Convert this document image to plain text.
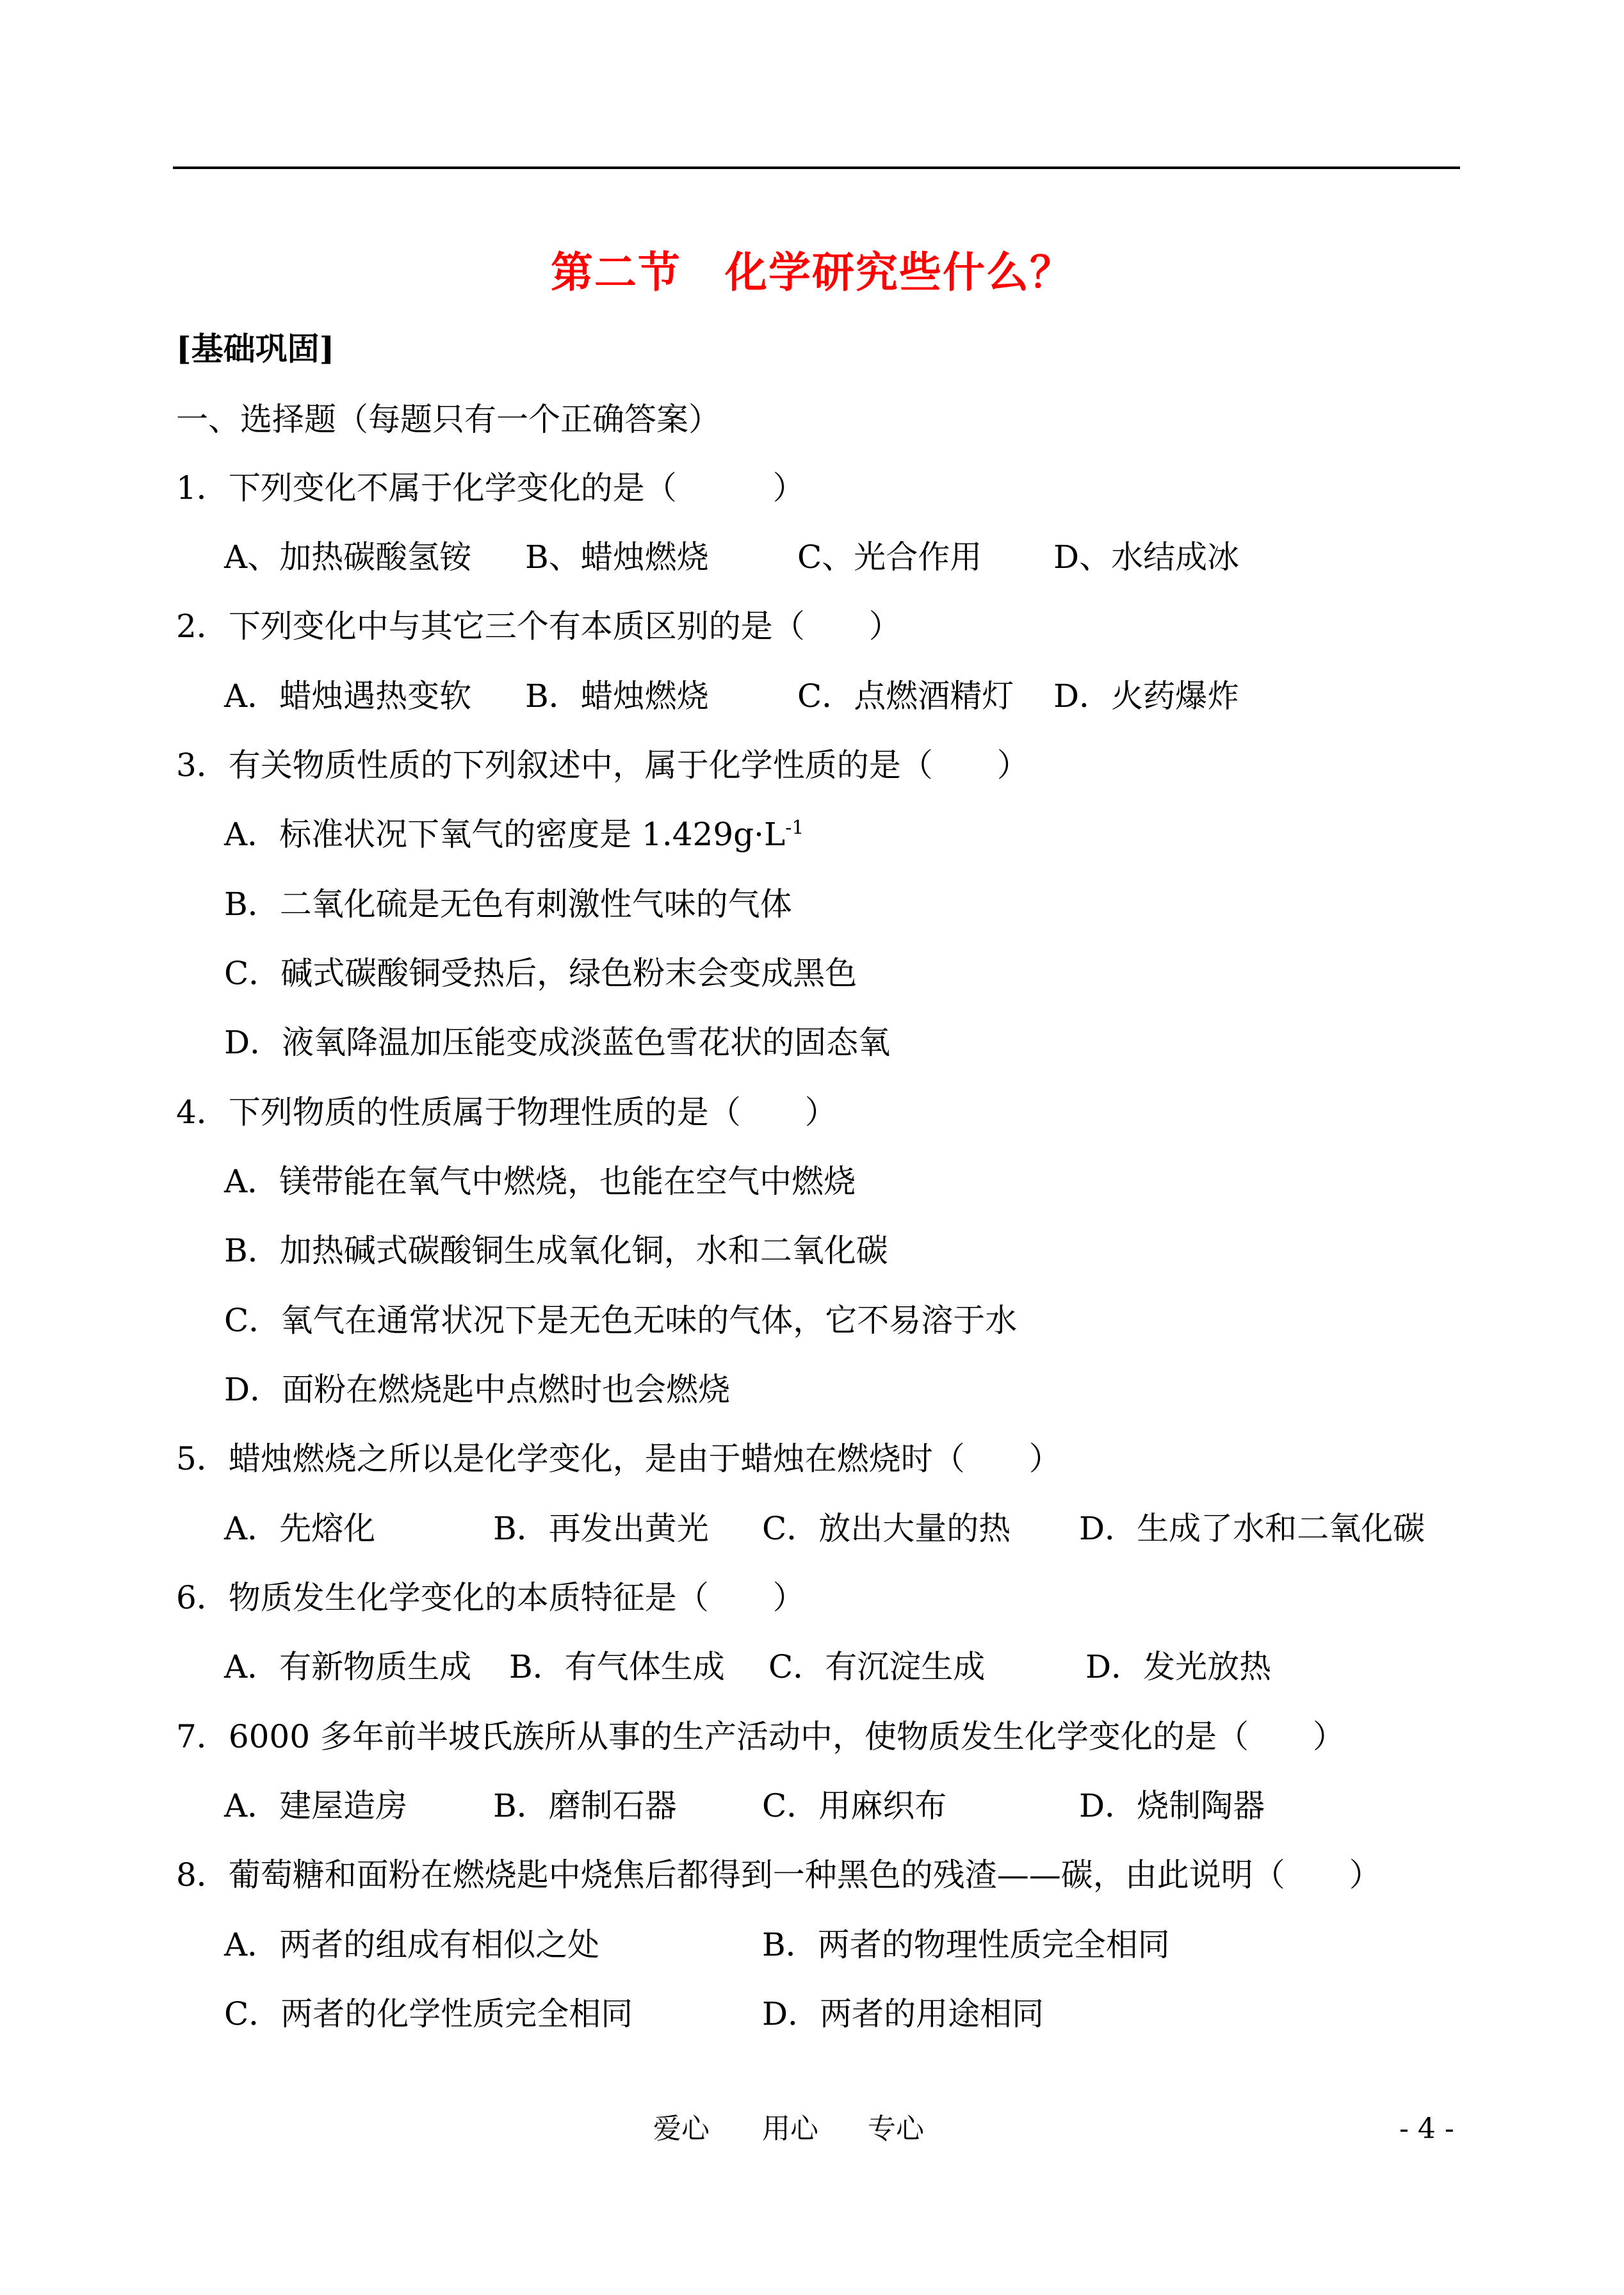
第二节　化学研究些什么？
[基础巩固]
一、选择题（每题只有一个正确答案）
1．下列变化不属于化学变化的是（　　　）
A、加热碳酸氢铵 B、蜡烛燃烧	C、光合作用 D、水结成冰
2．下列变化中与其它三个有本质区别的是（　　）
A．蜡烛遇热变软 B．蜡烛燃烧	C．点燃酒精灯 D．火药爆炸
3．有关物质性质的下列叙述中，属于化学性质的是（　　）
A．标准状况下氧气的密度是 $1.429g\cdot L^{-1}$
B．二氧化硫是无色有刺激性气味的气体
C．碱式碳酸铜受热后，绿色粉末会变成黑色
D．液氧降温加压能变成淡蓝色雪花状的固态氧
4．下列物质的性质属于物理性质的是（　　）
A．镁带能在氧气中燃烧，也能在空气中燃烧
B．加热碱式碳酸铜生成氧化铜，水和二氧化碳
C．氧气在通常状况下是无色无味的气体，它不易溶于水
D．面粉在燃烧匙中点燃时也会燃烧
5．蜡烛燃烧之所以是化学变化，是由于蜡烛在燃烧时（　　）
A．先熔化	B．再发出黄光 C．放出大量的热 D．生成了水和二氧化碳
6．物质发生化学变化的本质特征是（　　）
A．有新物质生成 B．有气体生成 C．有沉淀生成	D．发光放热
7．6000 多年前半坡氏族所从事的生产活动中，使物质发生化学变化的是（　　）
A．建屋造房	B．磨制石器	C．用麻织布	D．烧制陶器
8．葡萄糖和面粉在燃烧匙中烧焦后都得到一种黑色的残渣——碳，由此说明（　　）
A．两者的组成有相似之处	B．两者的物理性质完全相同
C．两者的化学性质完全相同	D．两者的用途相同
爱心 用心 专心	- 4 -
